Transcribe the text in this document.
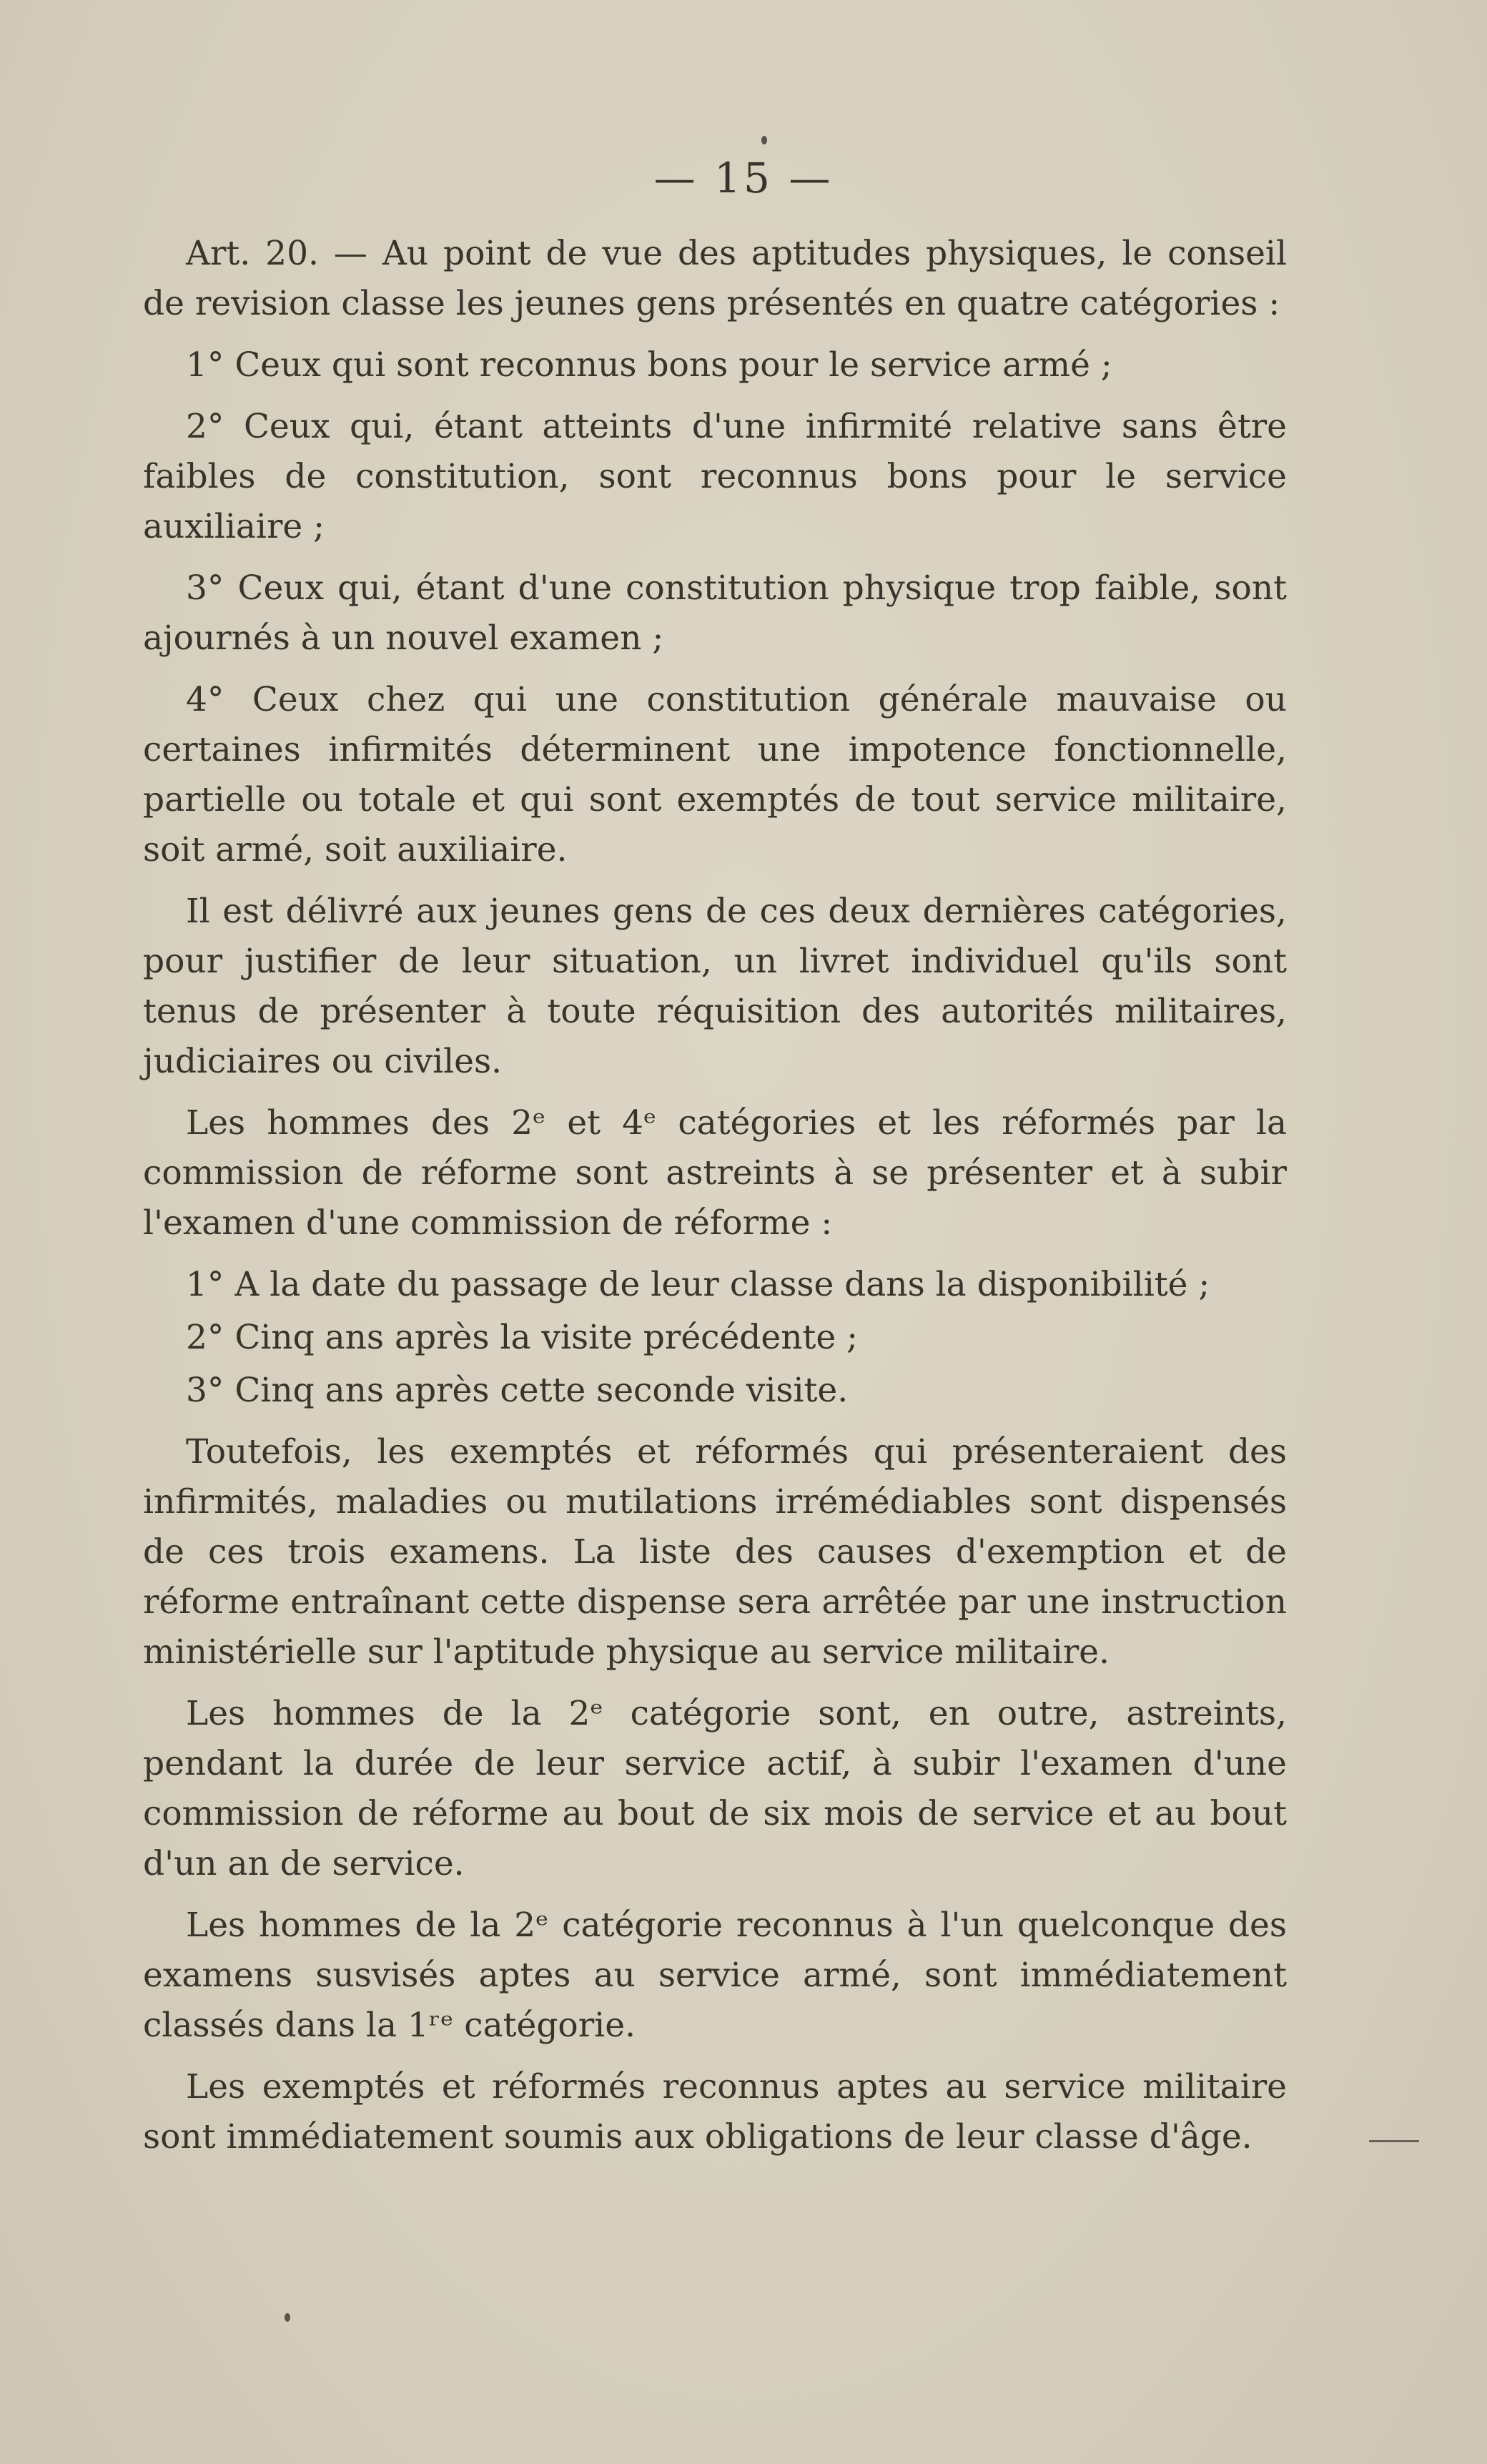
— 15 —

Art. 20. — Au point de vue des aptitudes physiques, le conseil de revision classe les jeunes gens présentés en quatre catégories :

1° Ceux qui sont reconnus bons pour le service armé ;

2° Ceux qui, étant atteints d'une infirmité relative sans être faibles de constitution, sont reconnus bons pour le service auxiliaire ;

3° Ceux qui, étant d'une constitution physique trop faible, sont ajournés à un nouvel examen ;

4° Ceux chez qui une constitution générale mauvaise ou certaines infirmités déterminent une impotence fonctionnelle, partielle ou totale et qui sont exemptés de tout service militaire, soit armé, soit auxiliaire.

Il est délivré aux jeunes gens de ces deux dernières catégories, pour justifier de leur situation, un livret individuel qu'ils sont tenus de présenter à toute réquisition des autorités militaires, judiciaires ou civiles.

Les hommes des 2ᵉ et 4ᵉ catégories et les réformés par la commission de réforme sont astreints à se présenter et à subir l'examen d'une commission de réforme :

1° A la date du passage de leur classe dans la disponibilité ;

2° Cinq ans après la visite précédente ;

3° Cinq ans après cette seconde visite.

Toutefois, les exemptés et réformés qui présenteraient des infirmités, maladies ou mutilations irrémédiables sont dispensés de ces trois examens. La liste des causes d'exemption et de réforme entraînant cette dispense sera arrêtée par une instruction ministérielle sur l'aptitude physique au service militaire.

Les hommes de la 2ᵉ catégorie sont, en outre, astreints, pendant la durée de leur service actif, à subir l'examen d'une commission de réforme au bout de six mois de service et au bout d'un an de service.

Les hommes de la 2ᵉ catégorie reconnus à l'un quelconque des examens susvisés aptes au service armé, sont immédiatement classés dans la 1ʳᵉ catégorie.

Les exemptés et réformés reconnus aptes au service militaire sont immédiatement soumis aux obligations de leur classe d'âge.
